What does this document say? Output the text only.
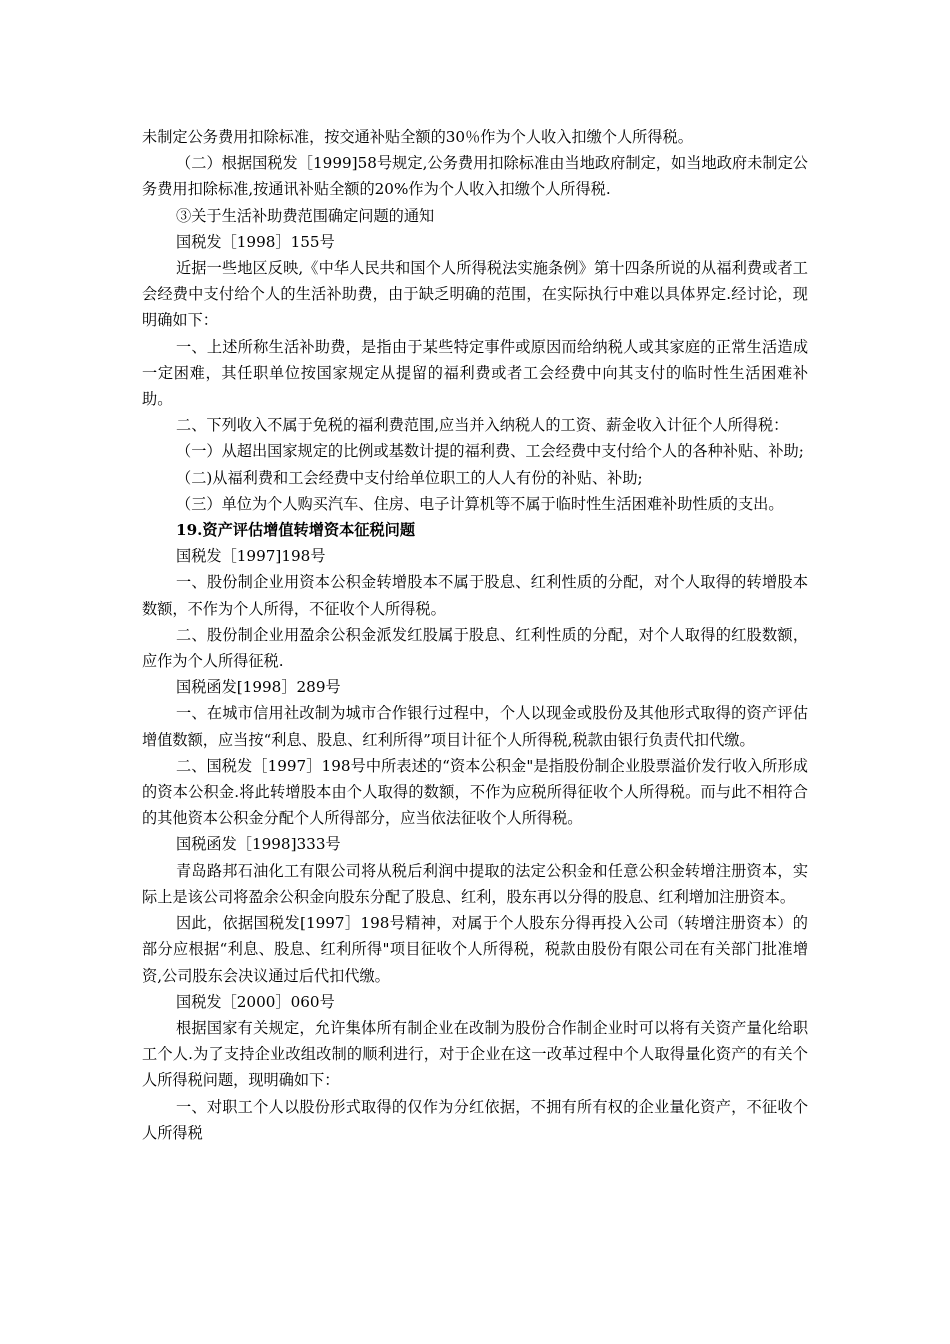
未制定公务费用扣除标准，按交通补贴全额的30％作为个人收入扣缴个人所得税。

（二）根据国税发［1999]58号规定,公务费用扣除标准由当地政府制定，如当地政府未制定公务费用扣除标准,按通讯补贴全额的20%作为个人收入扣缴个人所得税.

③关于生活补助费范围确定问题的通知

国税发［1998］155号

近据一些地区反映,《中华人民共和国个人所得税法实施条例》第十四条所说的从福利费或者工会经费中支付给个人的生活补助费，由于缺乏明确的范围，在实际执行中难以具体界定.经讨论，现明确如下：

一、上述所称生活补助费，是指由于某些特定事件或原因而给纳税人或其家庭的正常生活造成一定困难，其任职单位按国家规定从提留的福利费或者工会经费中向其支付的临时性生活困难补助。

二、下列收入不属于免税的福利费范围,应当并入纳税人的工资、薪金收入计征个人所得税：

（一）从超出国家规定的比例或基数计提的福利费、工会经费中支付给个人的各种补贴、补助;

（二)从福利费和工会经费中支付给单位职工的人人有份的补贴、补助;

（三）单位为个人购买汽车、住房、电子计算机等不属于临时性生活困难补助性质的支出。

19.资产评估增值转增资本征税问题

国税发［1997]198号

一、股份制企业用资本公积金转增股本不属于股息、红利性质的分配，对个人取得的转增股本数额，不作为个人所得，不征收个人所得税。

二、股份制企业用盈余公积金派发红股属于股息、红利性质的分配，对个人取得的红股数额，应作为个人所得征税.

国税函发[1998］289号

一、在城市信用社改制为城市合作银行过程中，个人以现金或股份及其他形式取得的资产评估增值数额，应当按“利息、股息、红利所得”项目计征个人所得税,税款由银行负责代扣代缴。

二、国税发［1997］198号中所表述的“资本公积金"是指股份制企业股票溢价发行收入所形成的资本公积金.将此转增股本由个人取得的数额，不作为应税所得征收个人所得税。而与此不相符合的其他资本公积金分配个人所得部分，应当依法征收个人所得税。

国税函发［1998]333号

青岛路邦石油化工有限公司将从税后利润中提取的法定公积金和任意公积金转增注册资本，实际上是该公司将盈余公积金向股东分配了股息、红利，股东再以分得的股息、红利增加注册资本。

因此，依据国税发[1997］198号精神，对属于个人股东分得再投入公司（转增注册资本）的部分应根据“利息、股息、红利所得"项目征收个人所得税，税款由股份有限公司在有关部门批准增资,公司股东会决议通过后代扣代缴。

国税发［2000］060号

根据国家有关规定，允许集体所有制企业在改制为股份合作制企业时可以将有关资产量化给职工个人.为了支持企业改组改制的顺利进行，对于企业在这一改革过程中个人取得量化资产的有关个人所得税问题，现明确如下：

一、对职工个人以股份形式取得的仅作为分红依据，不拥有所有权的企业量化资产，不征收个人所得税
